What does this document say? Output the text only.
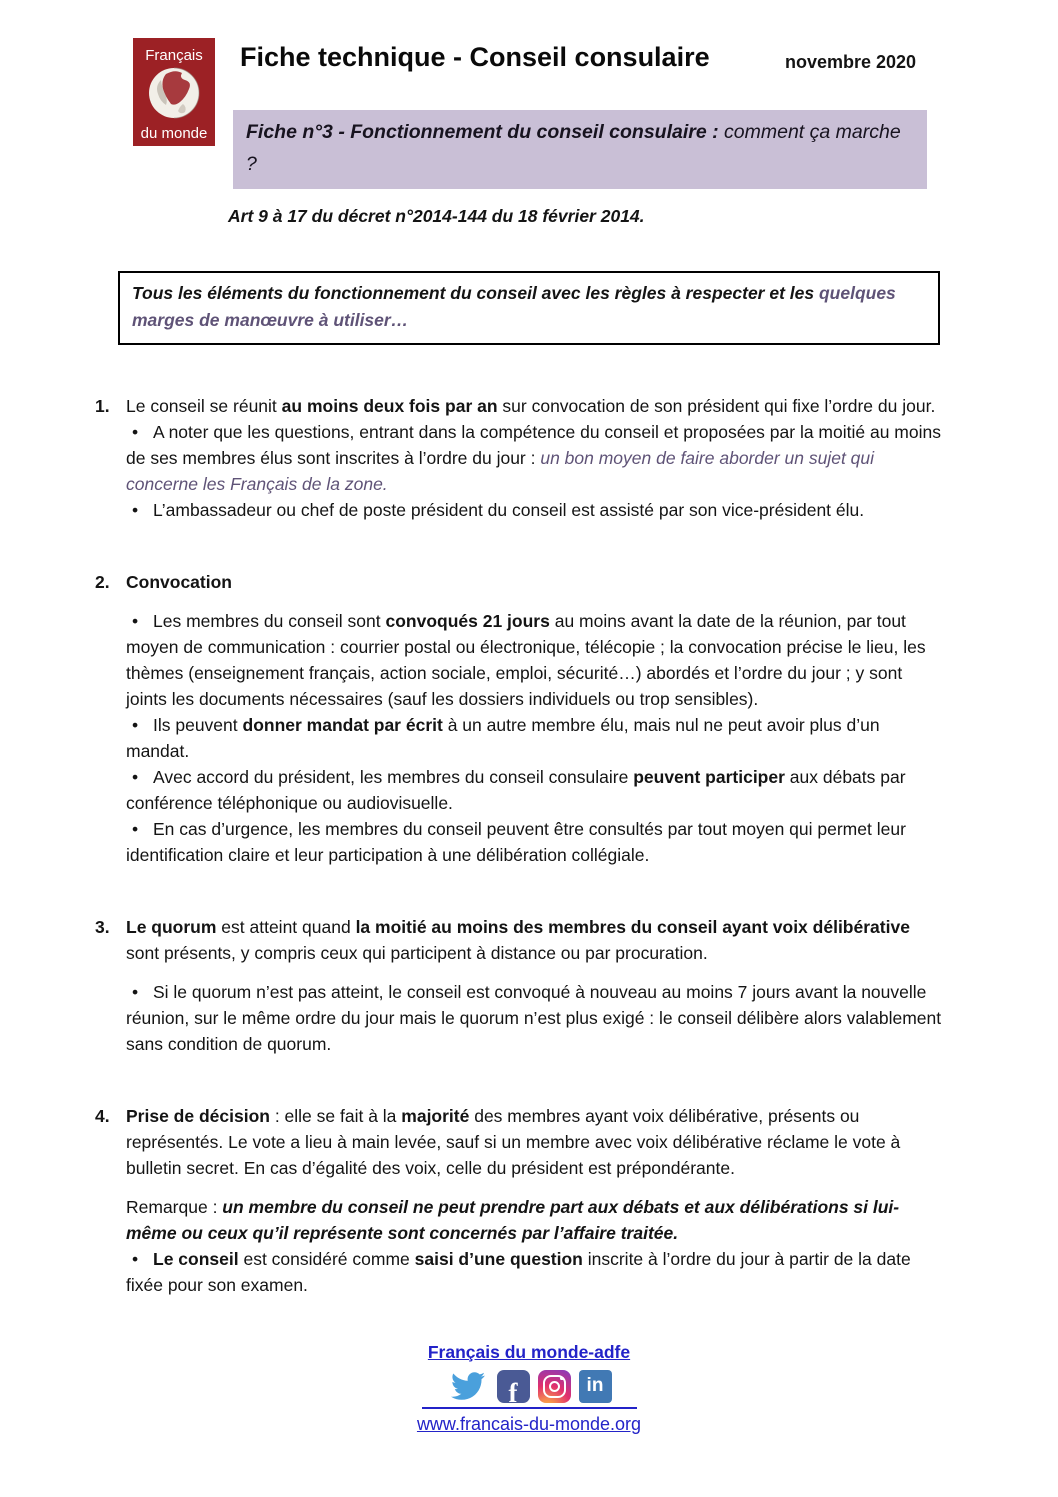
Français
du monde
Fiche technique - Conseil consulaire	novembre 2020
Fiche n°3 - Fonctionnement du conseil consulaire : comment ça marche ?

Art 9 à 17 du décret n°2014-144 du 18 février 2014.

Tous les éléments du fonctionnement du conseil avec les règles à respecter et les quelques marges de manœuvre à utiliser…
1. Le conseil se réunit au moins deux fois par an sur convocation de son président qui fixe l’ordre du jour.

• A noter que les questions, entrant dans la compétence du conseil et proposées par la moitié au moins de ses membres élus sont inscrites à l’ordre du jour : un bon moyen de faire aborder un sujet qui concerne les Français de la zone.

• L’ambassadeur ou chef de poste président du conseil est assisté par son vice-président élu.

2. Convocation

• Les membres du conseil sont convoqués 21 jours au moins avant la date de la réunion, par tout moyen de communication : courrier postal ou électronique, télécopie ; la convocation précise le lieu, les thèmes (enseignement français, action sociale, emploi, sécurité…) abordés et l’ordre du jour ; y sont joints les documents nécessaires (sauf les dossiers individuels ou trop sensibles).

• Ils peuvent donner mandat par écrit à un autre membre élu, mais nul ne peut avoir plus d’un mandat.

• Avec accord du président, les membres du conseil consulaire peuvent participer aux débats par conférence téléphonique ou audiovisuelle.

• En cas d’urgence, les membres du conseil peuvent être consultés par tout moyen qui permet leur identification claire et leur participation à une délibération collégiale.

3. Le quorum est atteint quand la moitié au moins des membres du conseil ayant voix délibérative sont présents, y compris ceux qui participent à distance ou par procuration.

• Si le quorum n’est pas atteint, le conseil est convoqué à nouveau au moins 7 jours avant la nouvelle réunion, sur le même ordre du jour mais le quorum n’est plus exigé : le conseil délibère alors valablement sans condition de quorum.

4. Prise de décision : elle se fait à la majorité des membres ayant voix délibérative, présents ou représentés. Le vote a lieu à main levée, sauf si un membre avec voix délibérative réclame le vote à bulletin secret. En cas d’égalité des voix, celle du président est prépondérante.

Remarque : un membre du conseil ne peut prendre part aux débats et aux délibérations si lui-même ou ceux qu’il représente sont concernés par l’affaire traitée.

• Le conseil est considéré comme saisi d’une question inscrite à l’ordre du jour à partir de la date fixée pour son examen.

Français du monde-adfe
f	in
www.francais-du-monde.org
